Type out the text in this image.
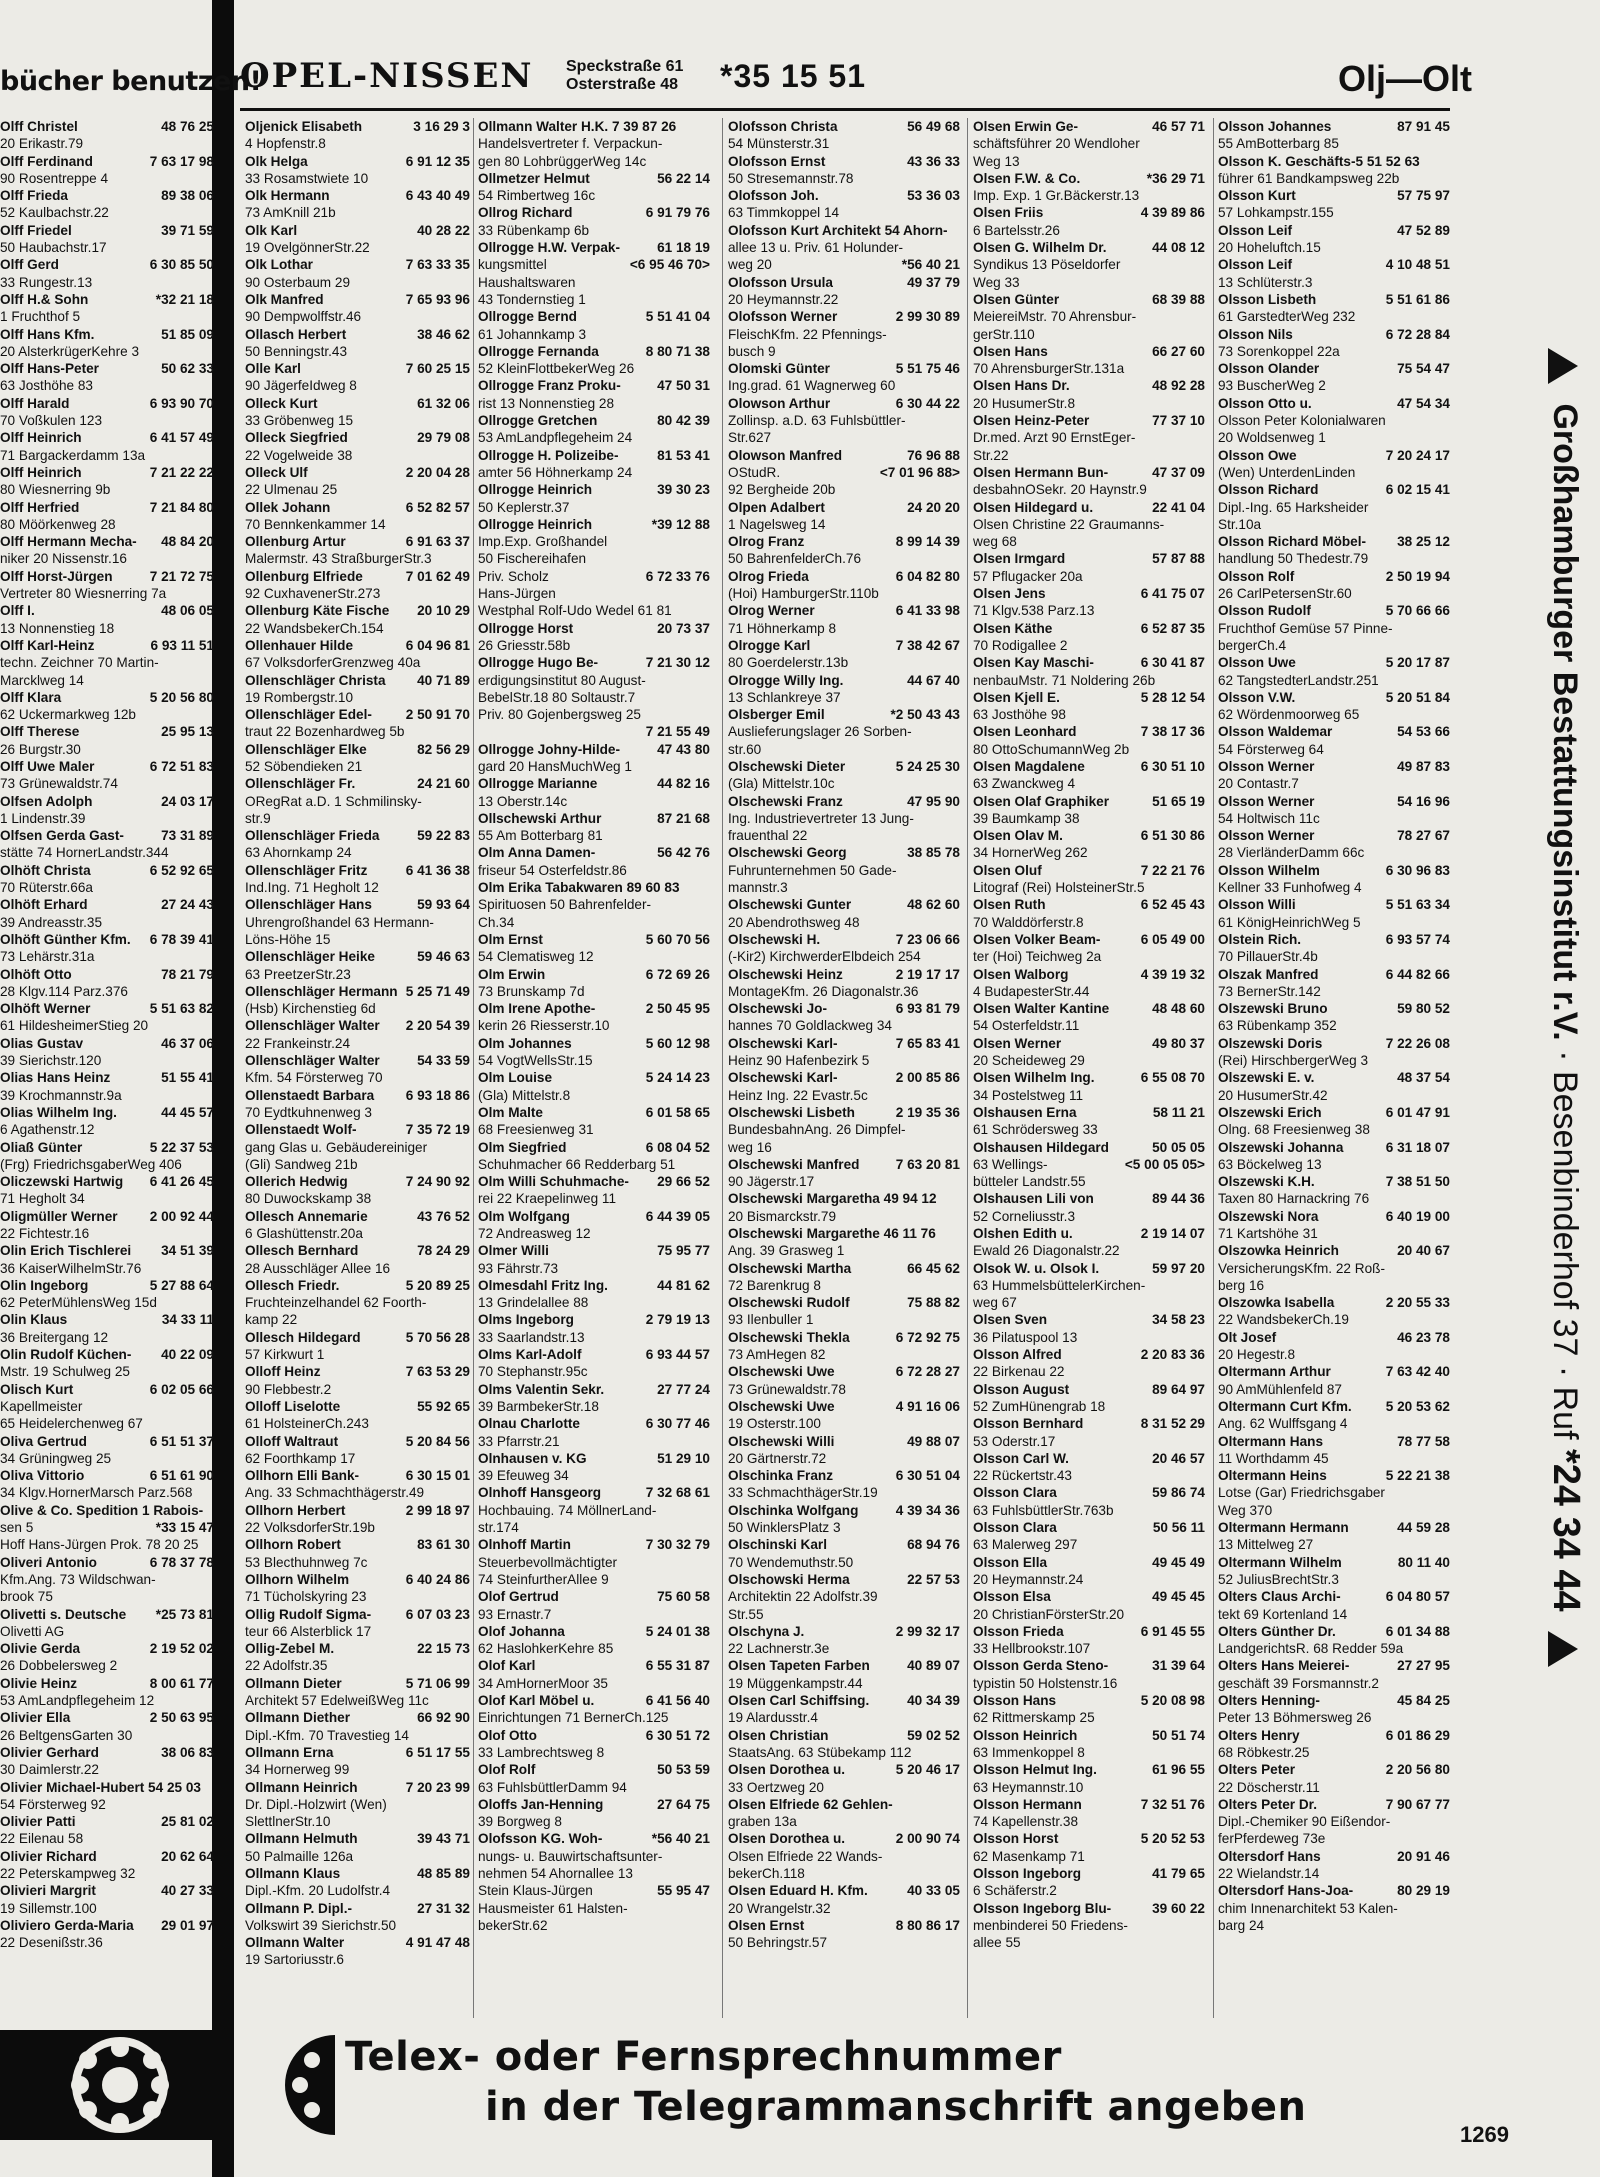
bücher benutzen!
OPEL-NISSEN Speckstraße 61
Osterstraße 48 *35 15 51	Olj—Olt
Olff Christel	48 76 25
20 Erikastr.79
Olff Ferdinand	7 63 17 98
90 Rosentreppe 4
Olff Frieda	89 38 06
52 Kaulbachstr.22
Olff Friedel	39 71 59
50 Haubachstr.17
Olff Gerd	6 30 85 50
33 Rungestr.13
Olff H.& Sohn	*32 21 18
1 Fruchthof 5
Olff Hans Kfm.	51 85 09
20 AlsterkrügerKehre 3
Olff Hans-Peter	50 62 33
63 Josthöhe 83
Olff Harald	6 93 90 70
70 Voßkulen 123
Olff Heinrich	6 41 57 49
71 Bargackerdamm 13a
Olff Heinrich	7 21 22 22
80 Wiesnerring 9b
Olff Herfried	7 21 84 80
80 Möörkenweg 28
Olff Hermann Mecha-	48 84 20
niker 20 Nissenstr.16
Olff Horst-Jürgen	7 21 72 75
Vertreter 80 Wiesnerring 7a
Olff I.	48 06 05
13 Nonnenstieg 18
Olff Karl-Heinz	6 93 11 51
techn. Zeichner 70 Martin-
Marcklweg 14
Olff Klara	5 20 56 80
62 Uckermarkweg 12b
Olff Therese	25 95 13
26 Burgstr.30
Olff Uwe Maler	6 72 51 83
73 Grünewaldstr.74
Olfsen Adolph	24 03 17
1 Lindenstr.39
Olfsen Gerda Gast-	73 31 89
stätte 74 HornerLandstr.344
Olhöft Christa	6 52 92 65
70 Rüterstr.66a
Olhöft Erhard	27 24 43
39 Andreasstr.35
Olhöft Günther Kfm.	6 78 39 41
73 Lehärstr.31a
Olhöft Otto	78 21 79
28 Klgv.114 Parz.376
Olhöft Werner	5 51 63 82
61 HildesheimerStieg 20
Olias Gustav	46 37 06
39 Sierichstr.120
Olias Hans Heinz	51 55 41
39 Krochmannstr.9a
Olias Wilhelm Ing.	44 45 57
6 Agathenstr.12
Oliaß Günter	5 22 37 53
(Frg) FriedrichsgaberWeg 406
Oliczewski Hartwig	6 41 26 45
71 Hegholt 34
Oligmüller Werner	2 00 92 44
22 Fichtestr.16
Olin Erich Tischlerei	34 51 39
36 KaiserWilhelmStr.76
Olin Ingeborg	5 27 88 64
62 PeterMühlensWeg 15d
Olin Klaus	34 33 11
36 Breitergang 12
Olin Rudolf Küchen-	40 22 09
Mstr. 19 Schulweg 25
Olisch Kurt	6 02 05 66
Kapellmeister
65 Heidelerchenweg 67
Oliva Gertrud	6 51 51 37
34 Grüningweg 25
Oliva Vittorio	6 51 61 90
34 Klgv.HornerMarsch Parz.568
Olive & Co. Spedition 1 Rabois-
sen 5	*33 15 47
Hoff Hans-Jürgen Prok. 78 20 25
Oliveri Antonio	6 78 37 78
Kfm.Ang. 73 Wildschwan-
brook 75
Olivetti s. Deutsche	*25 73 81
Olivetti AG
Olivie Gerda	2 19 52 02
26 Dobbelersweg 2
Olivie Heinz	8 00 61 77
53 AmLandpflegeheim 12
Olivier Ella	2 50 63 95
26 BeltgensGarten 30
Olivier Gerhard	38 06 83
30 Daimlerstr.22
Olivier Michael-Hubert 54 25 03
54 Försterweg 92
Olivier Patti	25 81 02
22 Eilenau 58
Olivier Richard	20 62 64
22 Peterskampweg 32
Olivieri Margrit	40 27 33
19 Sillemstr.100
Oliviero Gerda-Maria	29 01 97
22 Desenißstr.36
Oljenick Elisabeth	3 16 29 3
4 Hopfenstr.8
Olk Helga	6 91 12 35
33 Rosamstwiete 10
Olk Hermann	6 43 40 49
73 AmKnill 21b
Olk Karl	40 28 22
19 OvelgönnerStr.22
Olk Lothar	7 63 33 35
90 Osterbaum 29
Olk Manfred	7 65 93 96
90 Dempwolffstr.46
Ollasch Herbert	38 46 62
50 Benningstr.43
Olle Karl	7 60 25 15
90 JägerfeIdweg 8
Olleck Kurt	61 32 06
33 Gröbenweg 15
Olleck Siegfried	29 79 08
22 Vogelweide 38
Olleck Ulf	2 20 04 28
22 Ulmenau 25
Ollek Johann	6 52 82 57
70 Bennkenkammer 14
Ollenburg Artur	6 91 63 37
Malermstr. 43 StraßburgerStr.3
Ollenburg Elfriede	7 01 62 49
92 CuxhavenerStr.273
Ollenburg Käte Fische	20 10 29
22 WandsbekerCh.154
Ollenhauer Hilde	6 04 96 81
67 VolksdorferGrenzweg 40a
Ollenschläger Christa	40 71 89
19 Rombergstr.10
Ollenschläger Edel-	2 50 91 70
traut 22 Bozenhardweg 5b
Ollenschläger Elke	82 56 29
52 Söbendieken 21
Ollenschläger Fr.	24 21 60
ORegRat a.D. 1 Schmilinsky-
str.9
Ollenschläger Frieda	59 22 83
63 Ahornkamp 24
Ollenschläger Fritz	6 41 36 38
Ind.Ing. 71 Hegholt 12
Ollenschläger Hans	59 93 64
Uhrengroßhandel 63 Hermann-
Löns-Höhe 15
Ollenschläger Heike	59 46 63
63 PreetzerStr.23
Ollenschläger Hermann 5 25 71 49
(Hsb) Kirchenstieg 6d
Ollenschläger Walter	2 20 54 39
22 Frankeinstr.24
Ollenschläger Walter	54 33 59
Kfm. 54 Försterweg 70
Ollenstaedt Barbara	6 93 18 86
70 Eydtkuhnenweg 3
Ollenstaedt Wolf-	7 35 72 19
gang Glas u. Gebäudereiniger
(Gli) Sandweg 21b
Ollerich Hedwig	7 24 90 92
80 Duwockskamp 38
Ollesch Annemarie	43 76 52
6 Glashüttenstr.20a
Ollesch Bernhard	78 24 29
28 Ausschläger Allee 16
Ollesch Friedr.	5 20 89 25
Fruchteinzelhandel 62 Foorth-
kamp 22
Ollesch Hildegard	5 70 56 28
57 Kirkwurt 1
Olloff Heinz	7 63 53 29
90 Flebbestr.2
Olloff Liselotte	55 92 65
61 HolsteinerCh.243
Olloff Waltraut	5 20 84 56
62 Foorthkamp 17
Ollhorn Elli Bank-	6 30 15 01
Ang. 33 Schmachthägerstr.49
Ollhorn Herbert	2 99 18 97
22 VolksdorferStr.19b
Ollhorn Robert	83 61 30
53 Blecthuhnweg 7c
Ollhorn Wilhelm	6 40 24 86
71 Tücholskyring 23
Ollig Rudolf Sigma-	6 07 03 23
teur 66 Alsterblick 17
Ollig-Zebel M.	22 15 73
22 Adolfstr.35
Ollmann Dieter	5 71 06 99
Architekt 57 EdelweißWeg 11c
Ollmann Diether	66 92 90
Dipl.-Kfm. 70 Travestieg 14
Ollmann Erna	6 51 17 55
34 Hornerweg 99
Ollmann Heinrich	7 20 23 99
Dr. Dipl.-Holzwirt (Wen)
SlettlnerStr.10
Ollmann Helmuth	39 43 71
50 Palmaille 126a
Ollmann Klaus	48 85 89
Dipl.-Kfm. 20 Ludolfstr.4
Ollmann P. Dipl.-	27 31 32
Volkswirt 39 Sierichstr.50
Ollmann Walter	4 91 47 48
19 Sartoriusstr.6
Ollmann Walter H.K. 7 39 87 26
Handelsvertreter f. Verpackun-
gen 80 LohbrüggerWeg 14c
Ollmetzer Helmut	56 22 14
54 Rimbertweg 16c
Ollrog Richard	6 91 79 76
33 Rübenkamp 6b
Ollrogge H.W. Verpak-	61 18 19
kungsmittel	<6 95 46 70>
Haushaltswaren
43 Tondernstieg 1
Ollrogge Bernd	5 51 41 04
61 Johannkamp 3
Ollrogge Fernanda	8 80 71 38
52 KleinFlottbekerWeg 26
Ollrogge Franz Proku-	47 50 31
rist 13 Nonnenstieg 28
Ollrogge Gretchen	80 42 39
53 AmLandpflegeheim 24
Ollrogge H. Polizeibe-	81 53 41
amter 56 Höhnerkamp 24
Ollrogge Heinrich	39 30 23
50 Keplerstr.37
Ollrogge Heinrich	*39 12 88
Imp.Exp. Großhandel
50 Fischereihafen
Priv. Scholz	6 72 33 76
Hans-Jürgen
Westphal Rolf-Udo Wedel 61 81
Ollrogge Horst	20 73 37
26 Griesstr.58b
Ollrogge Hugo Be-	7 21 30 12
erdigungsinstitut 80 August-
BebelStr.18 80 Soltaustr.7
Priv. 80 Gojenbergsweg 25
7 21 55 49
Ollrogge Johny-Hilde-	47 43 80
gard 20 HansMuchWeg 1
Ollrogge Marianne	44 82 16
13 Oberstr.14c
Ollschewski Arthur	87 21 68
55 Am Botterbarg 81
Olm Anna Damen-	56 42 76
friseur 54 Osterfeldstr.86
Olm Erika Tabakwaren 89 60 83
Spirituosen 50 Bahrenfelder-
Ch.34
Olm Ernst	5 60 70 56
54 Clematisweg 12
Olm Erwin	6 72 69 26
73 Brunskamp 7d
Olm Irene Apothe-	2 50 45 95
kerin 26 Riesserstr.10
Olm Johannes	5 60 12 98
54 VogtWellsStr.15
Olm Louise	5 24 14 23
(Gla) Mittelstr.8
Olm Malte	6 01 58 65
68 Freesienweg 31
Olm Siegfried	6 08 04 52
Schuhmacher 66 Redderbarg 51
Olm Willi Schuhmache-	29 66 52
rei 22 Kraepelinweg 11
Olm Wolfgang	6 44 39 05
72 Andreasweg 12
Olmer Willi	75 95 77
93 Fährstr.73
Olmesdahl Fritz Ing.	44 81 62
13 Grindelallee 88
Olms Ingeborg	2 79 19 13
33 Saarlandstr.13
Olms Karl-Adolf	6 93 44 57
70 Stephanstr.95c
Olms Valentin Sekr.	27 77 24
39 BarmbekerStr.18
Olnau Charlotte	6 30 77 46
33 Pfarrstr.21
Olnhausen v. KG	51 29 10
39 Efeuweg 34
Olnhoff Hansgeorg	7 32 68 61
Hochbauing. 74 MöllnerLand-
str.174
Olnhoff Martin	7 30 32 79
Steuerbevollmächtigter
74 SteinfurtherAllee 9
Olof Gertrud	75 60 58
93 Ernastr.7
Olof Johanna	5 24 01 38
62 HaslohkerKehre 85
Olof Karl	6 55 31 87
34 AmHornerMoor 35
Olof Karl Möbel u.	6 41 56 40
Einrichtungen 71 BernerCh.125
Olof Otto	6 30 51 72
33 Lambrechtsweg 8
Olof Rolf	50 53 59
63 FuhlsbüttlerDamm 94
Oloffs Jan-Henning	27 64 75
39 Borgweg 8
Olofsson KG. Woh-	*56 40 21
nungs- u. Bauwirtschaftsunter-
nehmen 54 Ahornallee 13
Stein Klaus-Jürgen	55 95 47
Hausmeister 61 Halsten-
bekerStr.62
Olofsson Christa	56 49 68
54 Münsterstr.31
Olofsson Ernst	43 36 33
50 Stresemannstr.78
Olofsson Joh.	53 36 03
63 Timmkoppel 14
Olofsson Kurt Architekt 54 Ahorn-
allee 13 u. Priv. 61 Holunder-
weg 20	*56 40 21
Olofsson Ursula	49 37 79
20 Heymannstr.22
Olofsson Werner	2 99 30 89
FleischKfm. 22 Pfennings-
busch 9
Olomski Günter	5 51 75 46
Ing.grad. 61 Wagnerweg 60
Olowson Arthur	6 30 44 22
Zollinsp. a.D. 63 Fuhlsbüttler-
Str.627
Olowson Manfred	76 96 88
OStudR.	<7 01 96 88>
92 Bergheide 20b
Olpen Adalbert	24 20 20
1 Nagelsweg 14
Olrog Franz	8 99 14 39
50 BahrenfelderCh.76
Olrog Frieda	6 04 82 80
(Hoi) HamburgerStr.110b
Olrog Werner	6 41 33 98
71 Höhnerkamp 8
Olrogge Karl	7 38 42 67
80 Goerdelerstr.13b
Olrogge Willy Ing.	44 67 40
13 Schlankreye 37
Olsberger Emil	*2 50 43 43
Auslieferungslager 26 Sorben-
str.60
Olschewski Dieter	5 24 25 30
(Gla) Mittelstr.10c
Olschewski Franz	47 95 90
Ing. Industrievertreter 13 Jung-
frauenthal 22
Olschewski Georg	38 85 78
Fuhrunternehmen 50 Gade-
mannstr.3
Olschewski Gunter	48 62 60
20 Abendrothsweg 48
Olschewski H.	7 23 06 66
(-Kir2) KirchwerderElbdeich 254
Olschewski Heinz	2 19 17 17
MontageKfm. 26 Diagonalstr.36
Olschewski Jo-	6 93 81 79
hannes 70 Goldlackweg 34
Olschewski Karl-	7 65 83 41
Heinz 90 Hafenbezirk 5
Olschewski Karl-	2 00 85 86
Heinz Ing. 22 Evastr.5c
Olschewski Lisbeth	2 19 35 36
BundesbahnAng. 26 Dimpfel-
weg 16
Olschewski Manfred	7 63 20 81
90 Jägerstr.17
Olschewski Margaretha 49 94 12
20 Bismarckstr.79
Olschewski Margarethe 46 11 76
Ang. 39 Grasweg 1
Olschewski Martha	66 45 62
72 Barenkrug 8
Olschewski Rudolf	75 88 82
93 Ilenbuller 1
Olschewski Thekla	6 72 92 75
73 AmHegen 82
Olschewski Uwe	6 72 28 27
73 Grünewaldstr.78
Olschewski Uwe	4 91 16 06
19 Osterstr.100
Olschewski Willi	49 88 07
20 Gärtnerstr.72
Olschinka Franz	6 30 51 04
33 SchmachthägerStr.19
Olschinka Wolfgang	4 39 34 36
50 WinklersPlatz 3
Olschinski Karl	68 94 76
70 Wendemuthstr.50
Olschowski Herma	22 57 53
Architektin 22 Adolfstr.39
Str.55
Olschyna J.	2 99 32 17
22 Lachnerstr.3e
Olsen Tapeten Farben	40 89 07
19 Müggenkampstr.44
Olsen Carl Schiffsing.	40 34 39
19 Alardusstr.4
Olsen Christian	59 02 52
StaatsAng. 63 Stübekamp 112
Olsen Dorothea u.	5 20 46 17
33 Oertzweg 20
Olsen Elfriede 62 Gehlen-
graben 13a
Olsen Dorothea u.	2 00 90 74
Olsen Elfriede 22 Wands-
bekerCh.118
Olsen Eduard H. Kfm.	40 33 05
20 Wrangelstr.32
Olsen Ernst	8 80 86 17
50 Behringstr.57
Olsen Erwin Ge-	46 57 71
schäftsführer 20 Wendloher
Weg 13
Olsen F.W. & Co.	*36 29 71
Imp. Exp. 1 Gr.Bäckerstr.13
Olsen Friis	4 39 89 86
6 Bartelsstr.26
Olsen G. Wilhelm Dr.	44 08 12
Syndikus 13 Pöseldorfer
Weg 33
Olsen Günter	68 39 88
MeiereiMstr. 70 Ahrensbur-
gerStr.110
Olsen Hans	66 27 60
70 AhrensburgerStr.131a
Olsen Hans Dr.	48 92 28
20 HusumerStr.8
Olsen Heinz-Peter	77 37 10
Dr.med. Arzt 90 ErnstEger-
Str.22
Olsen Hermann Bun-	47 37 09
desbahnOSekr. 20 Haynstr.9
Olsen Hildegard u.	22 41 04
Olsen Christine 22 Graumanns-
weg 68
Olsen Irmgard	57 87 88
57 Pflugacker 20a
Olsen Jens	6 41 75 07
71 Klgv.538 Parz.13
Olsen Käthe	6 52 87 35
70 Rodigallee 2
Olsen Kay Maschi-	6 30 41 87
nenbauMstr. 71 Noldering 26b
Olsen Kjell E.	5 28 12 54
63 Josthöhe 98
Olsen Leonhard	7 38 17 36
80 OttoSchumannWeg 2b
Olsen Magdalene	6 30 51 10
63 Zwanckweg 4
Olsen Olaf Graphiker	51 65 19
39 Baumkamp 38
Olsen Olav M.	6 51 30 86
34 HornerWeg 262
Olsen Oluf	7 22 21 76
Litograf (Rei) HolsteinerStr.5
Olsen Ruth	6 52 45 43
70 Walddörferstr.8
Olsen Volker Beam-	6 05 49 00
ter (Hoi) Teichweg 2a
Olsen Walborg	4 39 19 32
4 BudapesterStr.44
Olsen Walter Kantine	48 48 60
54 Osterfeldstr.11
Olsen Werner	49 80 37
20 Scheideweg 29
Olsen Wilhelm Ing.	6 55 08 70
34 Postelstweg 11
Olshausen Erna	58 11 21
61 Schrödersweg 33
Olshausen Hildegard	50 05 05
63 Wellings-	<5 00 05 05>
bütteler Landstr.55
Olshausen Lili von	89 44 36
52 Corneliusstr.3
Olshen Edith u.	2 19 14 07
Ewald 26 Diagonalstr.22
Olsok W. u. Olsok I.	59 97 20
63 HummelsbüttelerKirchen-
weg 67
Olsen Sven	34 58 23
36 Pilatuspool 13
Olsson Alfred	2 20 83 36
22 Birkenau 22
Olsson August	89 64 97
52 ZumHünengrab 18
Olsson Bernhard	8 31 52 29
53 Oderstr.17
Olsson Carl W.	20 46 57
22 Rückertstr.43
Olsson Clara	59 86 74
63 FuhlsbüttlerStr.763b
Olsson Clara	50 56 11
63 Malerweg 297
Olsson Ella	49 45 49
20 Heymannstr.24
Olsson Elsa	49 45 45
20 ChristianFörsterStr.20
Olsson Frieda	6 91 45 55
33 Hellbrookstr.107
Olsson Gerda Steno-	31 39 64
typistin 50 Holstenstr.16
Olsson Hans	5 20 08 98
62 Rittmerskamp 25
Olsson Heinrich	50 51 74
63 Immenkoppel 8
Olsson Helmut Ing.	61 96 55
63 Heymannstr.10
Olsson Hermann	7 32 51 76
74 Kapellenstr.38
Olsson Horst	5 20 52 53
62 Masenkamp 71
Olsson Ingeborg	41 79 65
6 Schäferstr.2
Olsson Ingeborg Blu-	39 60 22
menbinderei 50 Friedens-
allee 55
Olsson Johannes	87 91 45
55 AmBotterbarg 85
Olsson K. Geschäfts-5 51 52 63
führer 61 Bandkampsweg 22b
Olsson Kurt	57 75 97
57 Lohkampstr.155
Olsson Leif	47 52 89
20 Hoheluftch.15
Olsson Leif	4 10 48 51
13 Schlüterstr.3
Olsson Lisbeth	5 51 61 86
61 GarstedterWeg 232
Olsson Nils	6 72 28 84
73 Sorenkoppel 22a
Olsson Olander	75 54 47
93 BuscherWeg 2
Olsson Otto u.	47 54 34
Olsson Peter Kolonialwaren
20 Woldsenweg 1
Olsson Owe	7 20 24 17
(Wen) UnterdenLinden
Olsson Richard	6 02 15 41
Dipl.-Ing. 65 Harksheider
Str.10a
Olsson Richard Möbel-	38 25 12
handlung 50 Thedestr.79
Olsson Rolf	2 50 19 94
26 CarlPetersenStr.60
Olsson Rudolf	5 70 66 66
Fruchthof Gemüse 57 Pinne-
bergerCh.4
Olsson Uwe	5 20 17 87
62 TangstedterLandstr.251
Olsson V.W.	5 20 51 84
62 Wördenmoorweg 65
Olsson Waldemar	54 53 66
54 Försterweg 64
Olsson Werner	49 87 83
20 Contastr.7
Olsson Werner	54 16 96
54 Holtwisch 11c
Olsson Werner	78 27 67
28 VierländerDamm 66c
Olsson Wilhelm	6 30 96 83
Kellner 33 Funhofweg 4
Olsson Willi	5 51 63 34
61 KönigHeinrichWeg 5
Olstein Rich.	6 93 57 74
70 PillauerStr.4b
Olszak Manfred	6 44 82 66
73 BernerStr.142
Olszewski Bruno	59 80 52
63 Rübenkamp 352
Olszewski Doris	7 22 26 08
(Rei) HirschbergerWeg 3
Olszewski E. v.	48 37 54
20 HusumerStr.42
Olszewski Erich	6 01 47 91
Olng. 68 Freesienweg 38
Olszewski Johanna	6 31 18 07
63 Böckelweg 13
Olszewski K.H.	7 38 51 50
Taxen 80 Harnackring 76
Olszewski Nora	6 40 19 00
71 Kartshöhe 31
Olszowka Heinrich	20 40 67
VersicherungsKfm. 22 Roß-
berg 16
Olszowka Isabella	2 20 55 33
22 WandsbekerCh.19
Olt Josef	46 23 78
20 Hegestr.8
Oltermann Arthur	7 63 42 40
90 AmMühlenfeld 87
Oltermann Curt Kfm.	5 20 53 62
Ang. 62 Wulffsgang 4
Oltermann Hans	78 77 58
11 Worthdamm 45
Oltermann Heins	5 22 21 38
Lotse (Gar) Friedrichsgaber
Weg 370
Oltermann Hermann	44 59 28
13 Mittelweg 27
Oltermann Wilhelm	80 11 40
52 JuliusBrechtStr.3
Olters Claus Archi-	6 04 80 57
tekt 69 Kortenland 14
Olters Günther Dr.	6 01 34 88
LandgerichtsR. 68 Redder 59a
Olters Hans Meierei-	27 27 95
geschäft 39 Forsmannstr.2
Olters Henning-	45 84 25
Peter 13 Böhmersweg 26
Olters Henry	6 01 86 29
68 Röbkestr.25
Olters Peter	2 20 56 80
22 Döscherstr.11
Olters Peter Dr.	7 90 67 77
Dipl.-Chemiker 90 Eißendor-
ferPferdeweg 73e
Oltersdorf Hans	20 91 46
22 Wielandstr.14
Oltersdorf Hans-Joa-	80 29 19
chim Innenarchitekt 53 Kalen-
barg 24
Großhamburger Bestattungsinstitut r.V. · Besenbinderhof 37 · Ruf *24 34 44
Telex- oder Fernsprechnummer
in der Telegrammanschrift angeben
1269
